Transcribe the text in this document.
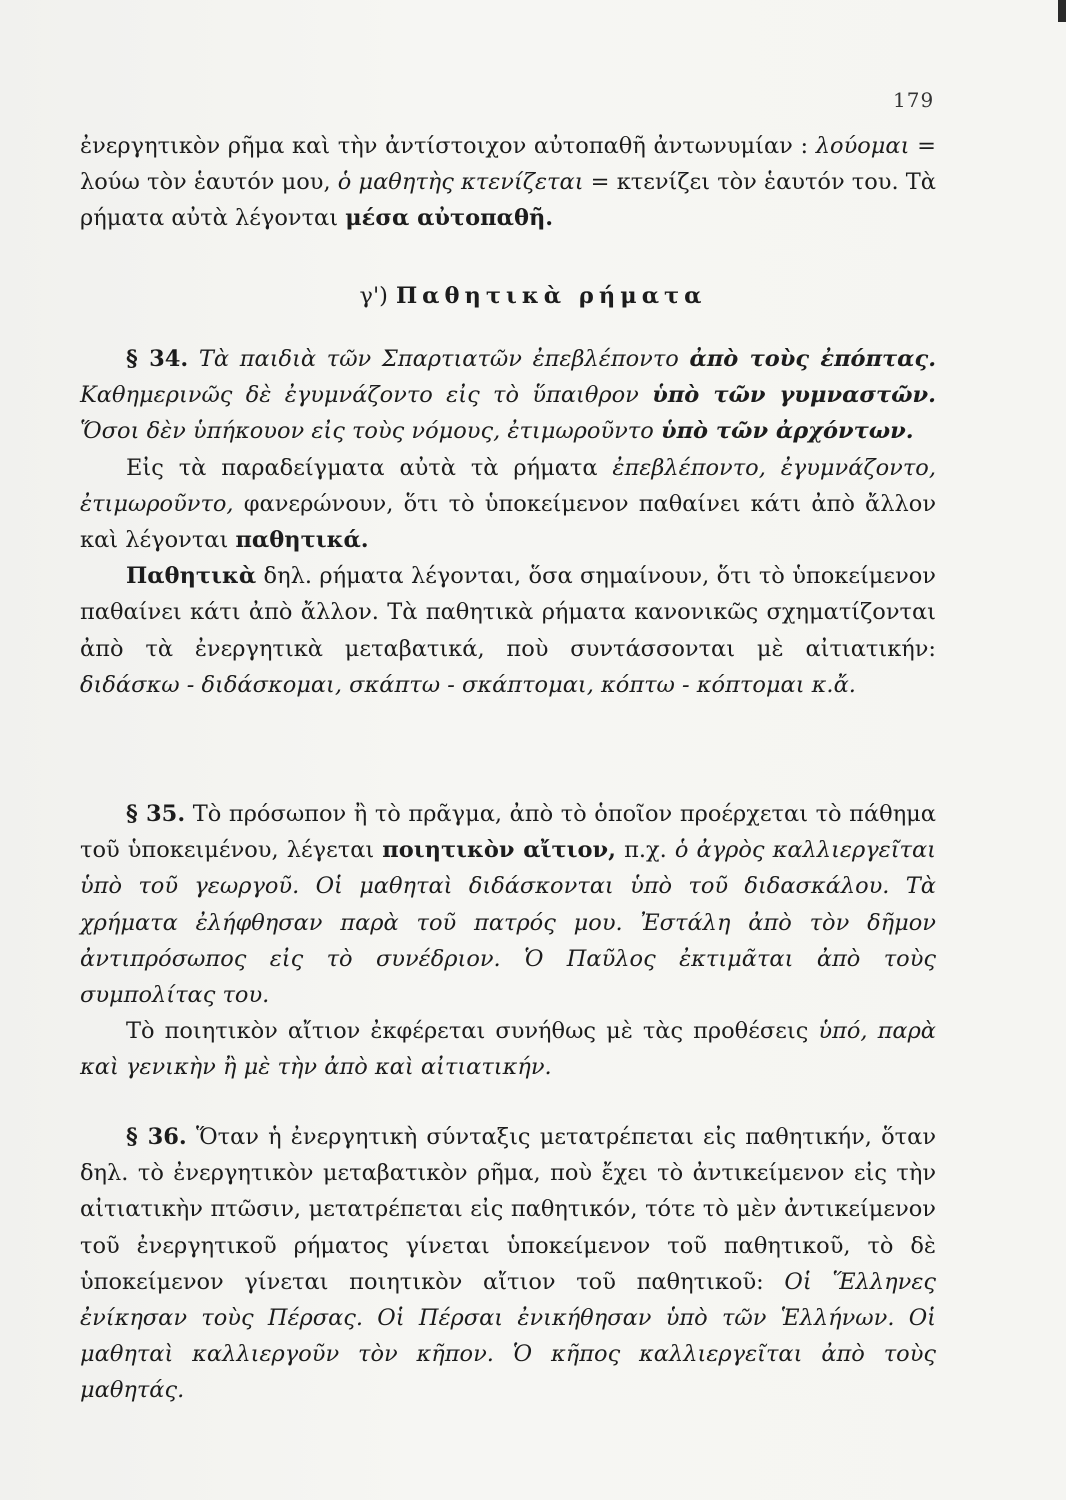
179

ἐνεργητικὸν ρῆμα καὶ τὴν ἀντίστοιχον αὐτοπαθῆ ἀντωνυμίαν : λούομαι = λούω τὸν ἑαυτόν μου, ὁ μαθητὴς κτενίζεται = κτενίζει τὸν ἑαυτόν του. Τὰ ρήματα αὐτὰ λέγονται μέσα αὐτοπαθῆ.

γ') Παθητικὰ ρήματα

§ 34. Τὰ παιδιὰ τῶν Σπαρτιατῶν ἐπεβλέποντο ἀπὸ τοὺς ἐπόπτας. Καθημερινῶς δὲ ἐγυμνάζοντο εἰς τὸ ὕπαιθρον ὑπὸ τῶν γυμναστῶν. Ὅσοι δὲν ὑπήκουον εἰς τοὺς νόμους, ἐτιμωροῦντο ὑπὸ τῶν ἀρχόντων.

Εἰς τὰ παραδείγματα αὐτὰ τὰ ρήματα ἐπεβλέποντο, ἐγυμνάζοντο, ἐτιμωροῦντο, φανερώνουν, ὅτι τὸ ὑποκείμενον παθαίνει κάτι ἀπὸ ἄλλον καὶ λέγονται παθητικά.

Παθητικὰ δηλ. ρήματα λέγονται, ὅσα σημαίνουν, ὅτι τὸ ὑποκείμενον παθαίνει κάτι ἀπὸ ἄλλον. Τὰ παθητικὰ ρήματα κανονικῶς σχηματίζονται ἀπὸ τὰ ἐνεργητικὰ μεταβατικά, ποὺ συντάσσονται μὲ αἰτιατικήν: διδάσκω - διδάσκομαι, σκάπτω - σκάπτομαι, κόπτω - κόπτομαι κ.ἄ.

§ 35. Τὸ πρόσωπον ἢ τὸ πρᾶγμα, ἀπὸ τὸ ὁποῖον προέρχεται τὸ πάθημα τοῦ ὑποκειμένου, λέγεται ποιητικὸν αἴτιον, π.χ. ὁ ἀγρὸς καλλιεργεῖται ὑπὸ τοῦ γεωργοῦ. Οἱ μαθηταὶ διδάσκονται ὑπὸ τοῦ διδασκάλου. Τὰ χρήματα ἐλήφθησαν παρὰ τοῦ πατρός μου. Ἐστάλη ἀπὸ τὸν δῆμον ἀντιπρόσωπος εἰς τὸ συνέδριον. Ὁ Παῦλος ἐκτιμᾶται ἀπὸ τοὺς συμπολίτας του.

Τὸ ποιητικὸν αἴτιον ἐκφέρεται συνήθως μὲ τὰς προθέσεις ὑπό, παρὰ καὶ γενικὴν ἢ μὲ τὴν ἀπὸ καὶ αἰτιατικήν.

§ 36. Ὅταν ἡ ἐνεργητικὴ σύνταξις μετατρέπεται εἰς παθητικήν, ὅταν δηλ. τὸ ἐνεργητικὸν μεταβατικὸν ρῆμα, ποὺ ἔχει τὸ ἀντικείμενον εἰς τὴν αἰτιατικὴν πτῶσιν, μετατρέπεται εἰς παθητικόν, τότε τὸ μὲν ἀντικείμενον τοῦ ἐνεργητικοῦ ρήματος γίνεται ὑποκείμενον τοῦ παθητικοῦ, τὸ δὲ ὑποκείμενον γίνεται ποιητικὸν αἴτιον τοῦ παθητικοῦ: Οἱ Ἕλληνες ἐνίκησαν τοὺς Πέρσας. Οἱ Πέρσαι ἐνικήθησαν ὑπὸ τῶν Ἑλλήνων. Οἱ μαθηταὶ καλλιεργοῦν τὸν κῆπον. Ὁ κῆπος καλλιεργεῖται ἀπὸ τοὺς μαθητάς.
